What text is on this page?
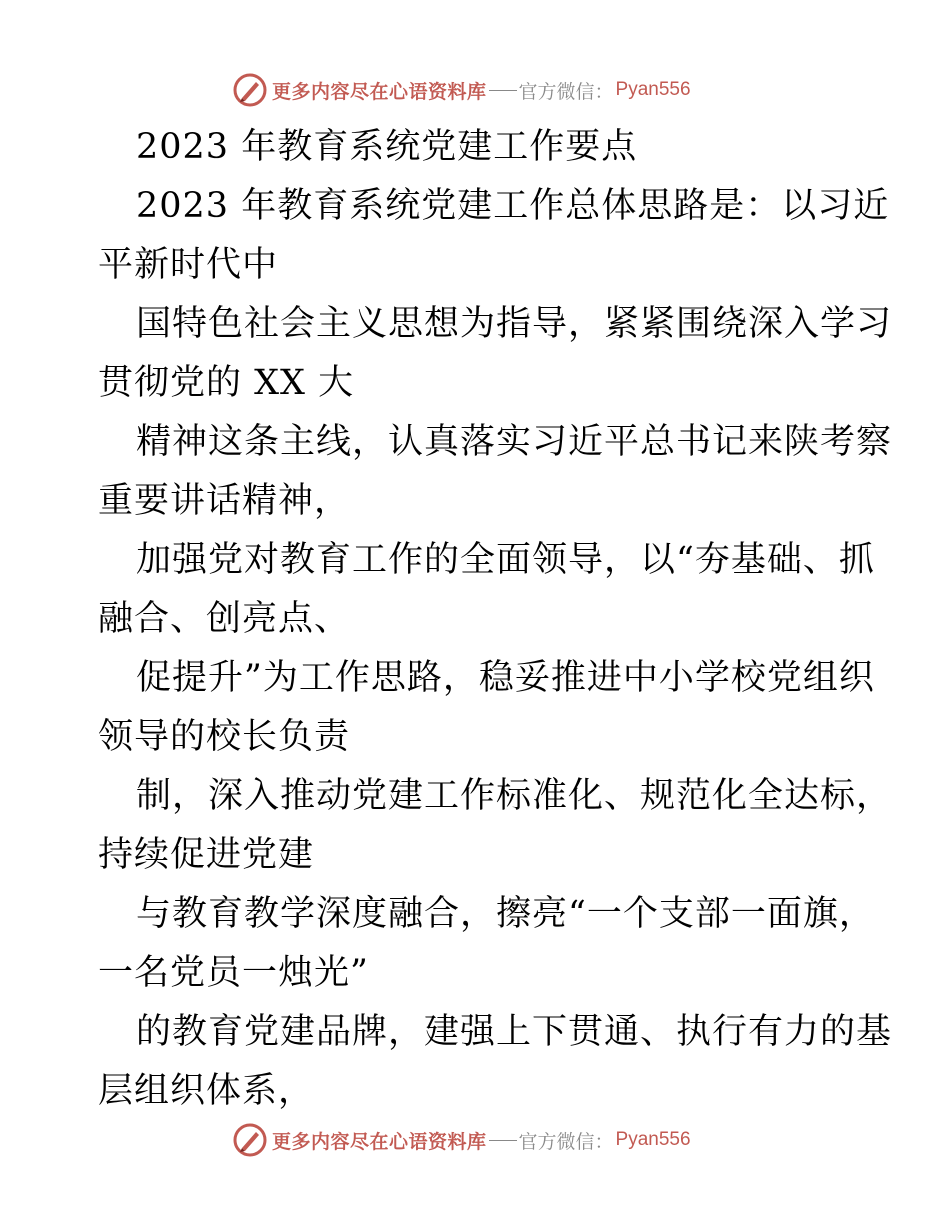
更多内容尽在心语资料库 官方微信： Pyan556
2023 年教育系统党建工作要点
2023 年教育系统党建工作总体思路是：以习近
平新时代中
国特色社会主义思想为指导，紧紧围绕深入学习
贯彻党的 XX 大
精神这条主线，认真落实习近平总书记来陕考察
重要讲话精神，
加强党对教育工作的全面领导，以“夯基础、抓
融合、创亮点、
促提升”为工作思路，稳妥推进中小学校党组织
领导的校长负责
制，深入推动党建工作标准化、规范化全达标，
持续促进党建
与教育教学深度融合，擦亮“一个支部一面旗，
一名党员一烛光”
的教育党建品牌，建强上下贯通、执行有力的基
层组织体系，
更多内容尽在心语资料库 官方微信： Pyan556
